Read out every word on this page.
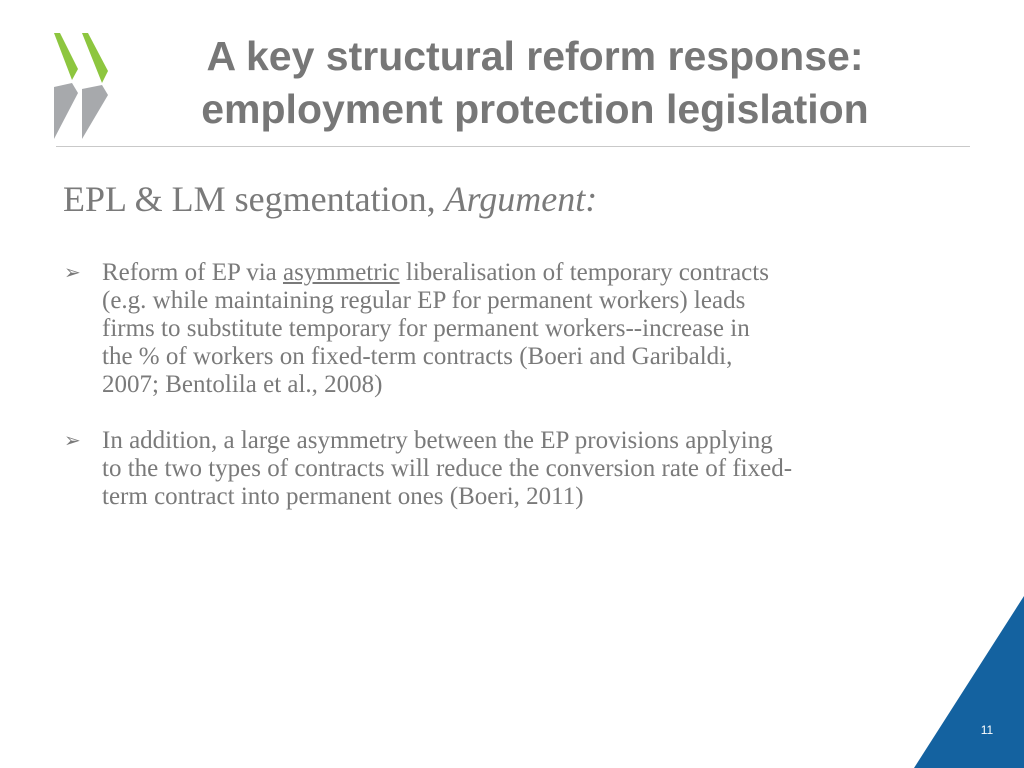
A key structural reform response:
employment protection legislation
EPL & LM segmentation, Argument:
➢ Reform of EP via asymmetric liberalisation of temporary contracts
(e.g. while maintaining regular EP for permanent workers) leads
firms to substitute temporary for permanent workers--increase in
the % of workers on fixed-term contracts (Boeri and Garibaldi,
2007; Bentolila et al., 2008)
➢ In addition, a large asymmetry between the EP provisions applying
to the two types of contracts will reduce the conversion rate of fixed-
term contract into permanent ones (Boeri, 2011)
11
